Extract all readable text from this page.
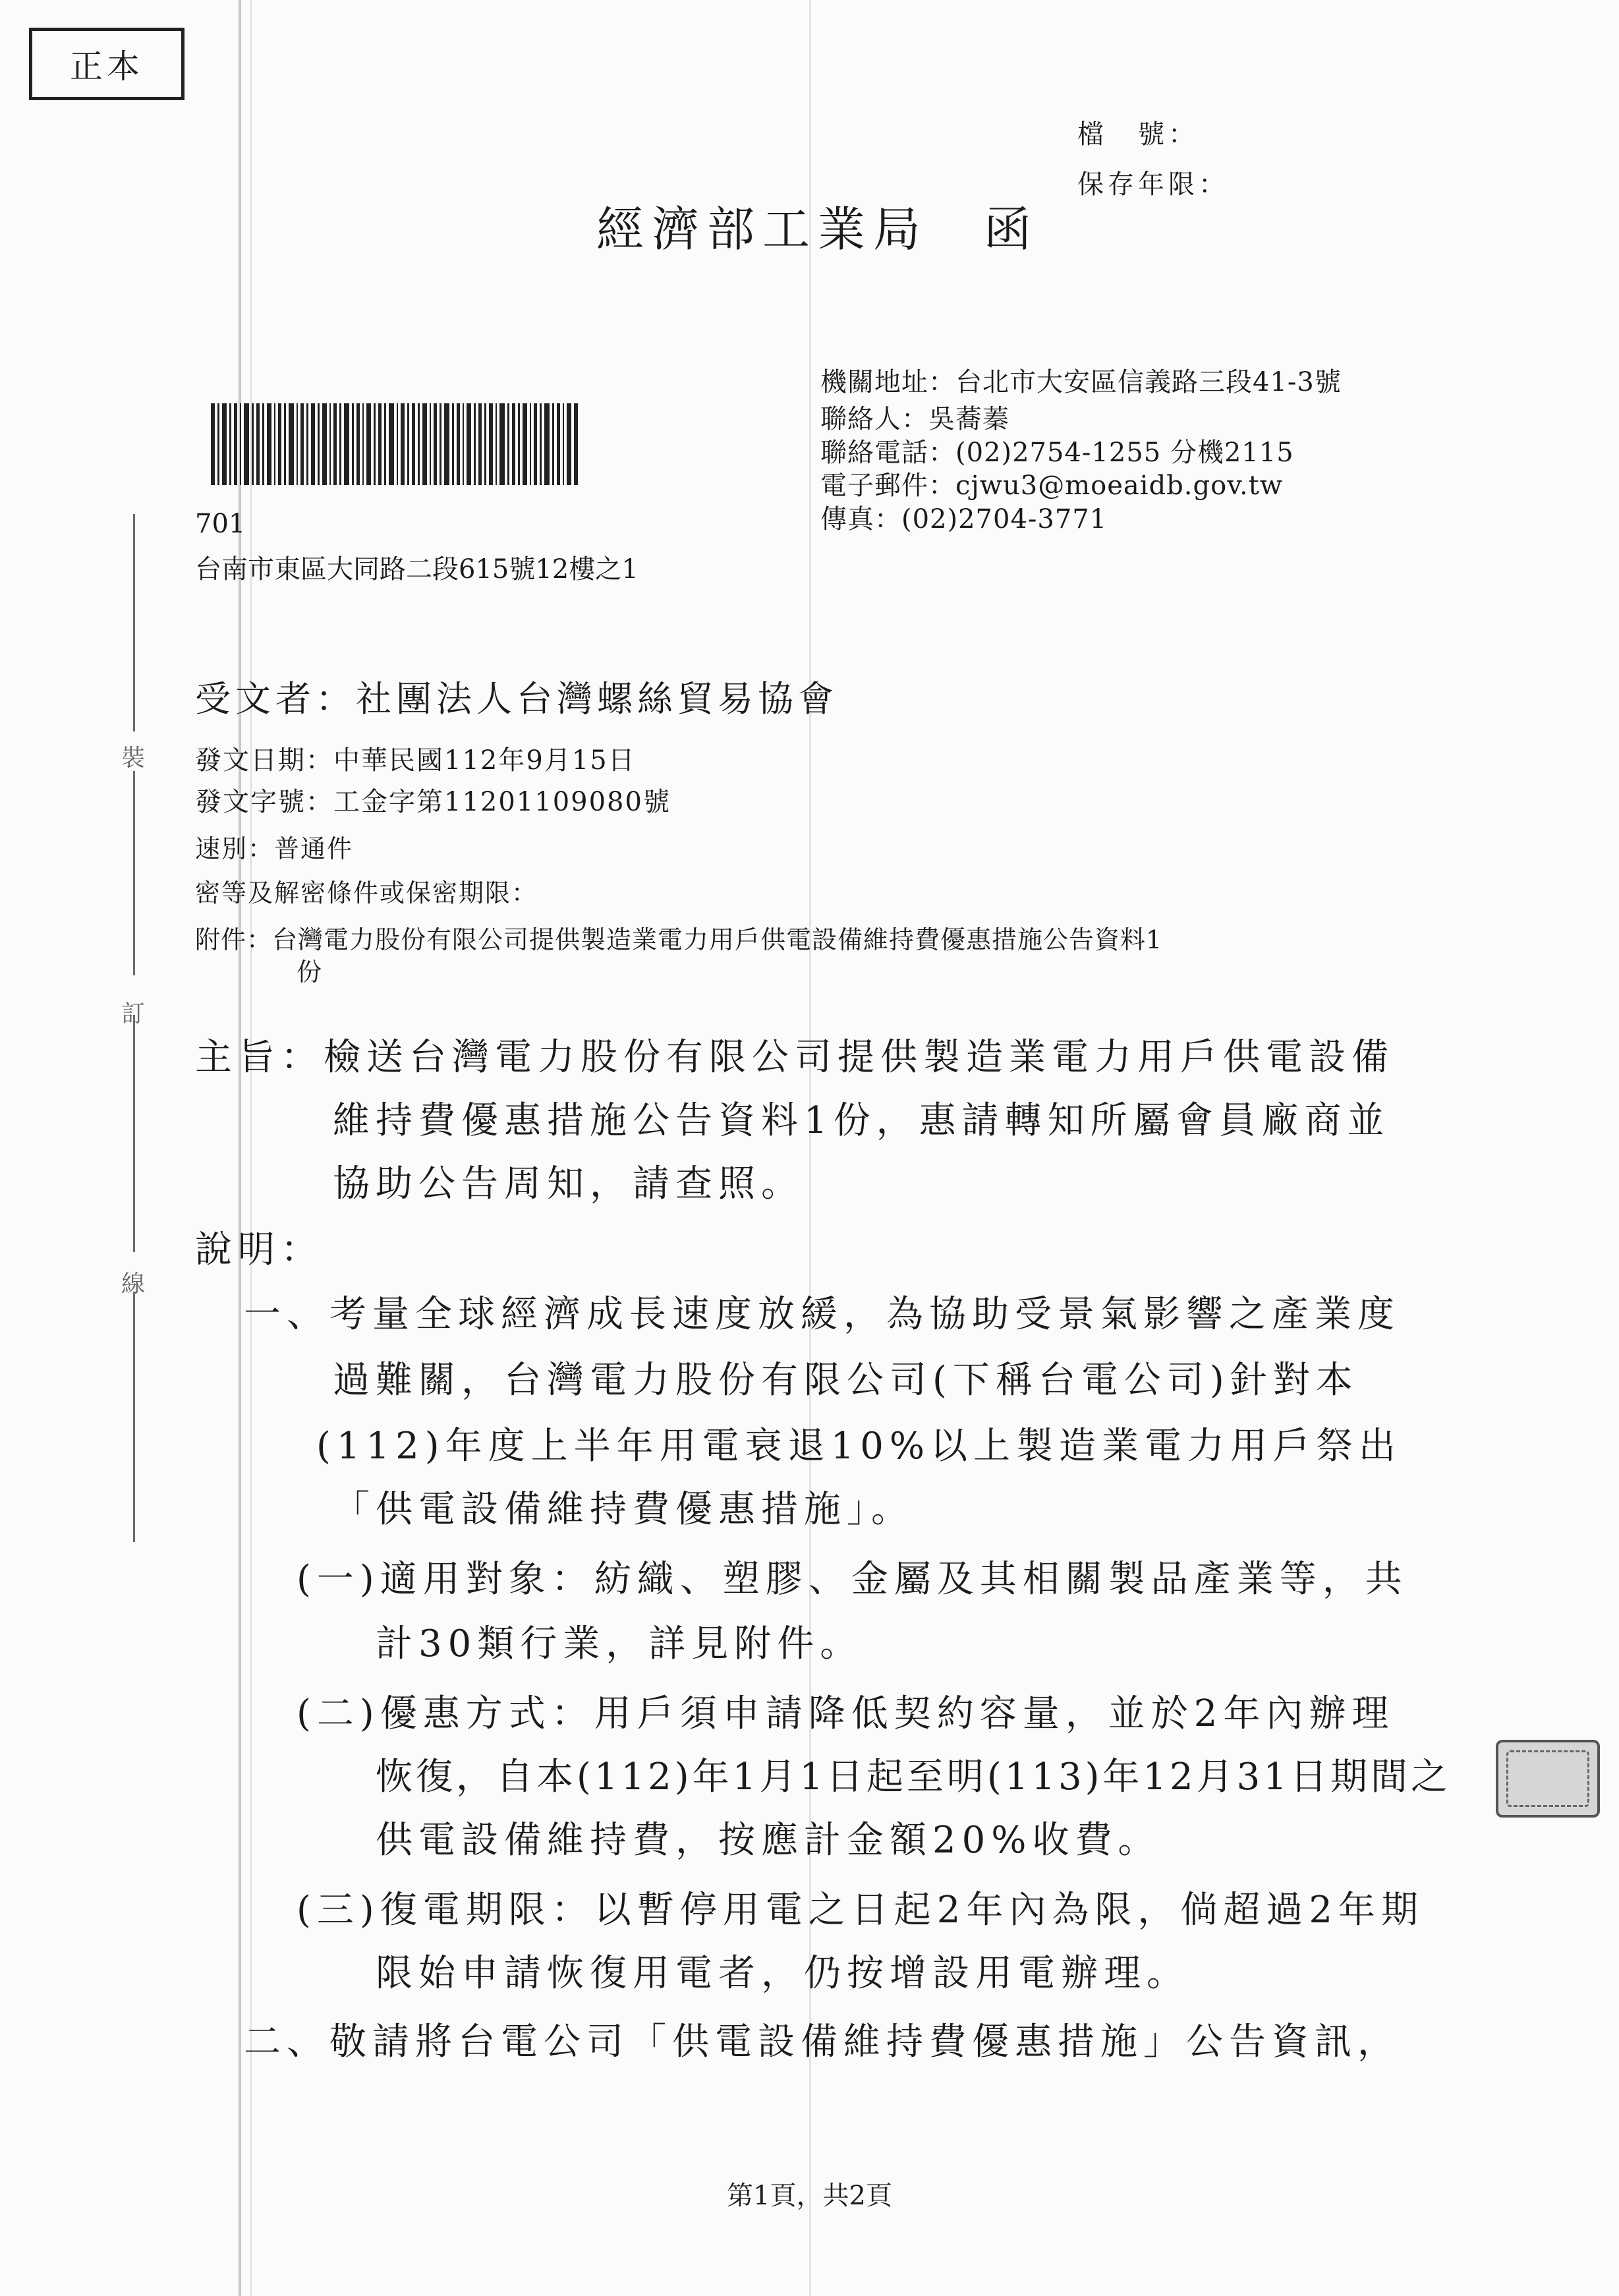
裝
訂
線
正本
檔　號：
保存年限：
經濟部工業局　函
機關地址：台北市大安區信義路三段41-3號
聯絡人：吳蕎蓁
聯絡電話：(02)2754-1255 分機2115
電子郵件：cjwu3@moeaidb.gov.tw
傳真：(02)2704-3771
701
台南市東區大同路二段615號12樓之1
受文者：社團法人台灣螺絲貿易協會
發文日期：中華民國112年9月15日
發文字號：工金字第11201109080號
速別：普通件
密等及解密條件或保密期限：
附件：台灣電力股份有限公司提供製造業電力用戶供電設備維持費優惠措施公告資料1
份
主旨：檢送台灣電力股份有限公司提供製造業電力用戶供電設備
維持費優惠措施公告資料1份，惠請轉知所屬會員廠商並
協助公告周知，請查照。
說明：
一、考量全球經濟成長速度放緩，為協助受景氣影響之產業度
過難關，台灣電力股份有限公司(下稱台電公司)針對本
(112)年度上半年用電衰退10%以上製造業電力用戶祭出
「供電設備維持費優惠措施」。
(一)適用對象：紡織、塑膠、金屬及其相關製品產業等，共
計30類行業，詳見附件。
(二)優惠方式：用戶須申請降低契約容量，並於2年內辦理
恢復，自本(112)年1月1日起至明(113)年12月31日期間之
供電設備維持費，按應計金額20%收費。
(三)復電期限：以暫停用電之日起2年內為限，倘超過2年期
限始申請恢復用電者，仍按增設用電辦理。
二、敬請將台電公司「供電設備維持費優惠措施」公告資訊，
第1頁，共2頁
